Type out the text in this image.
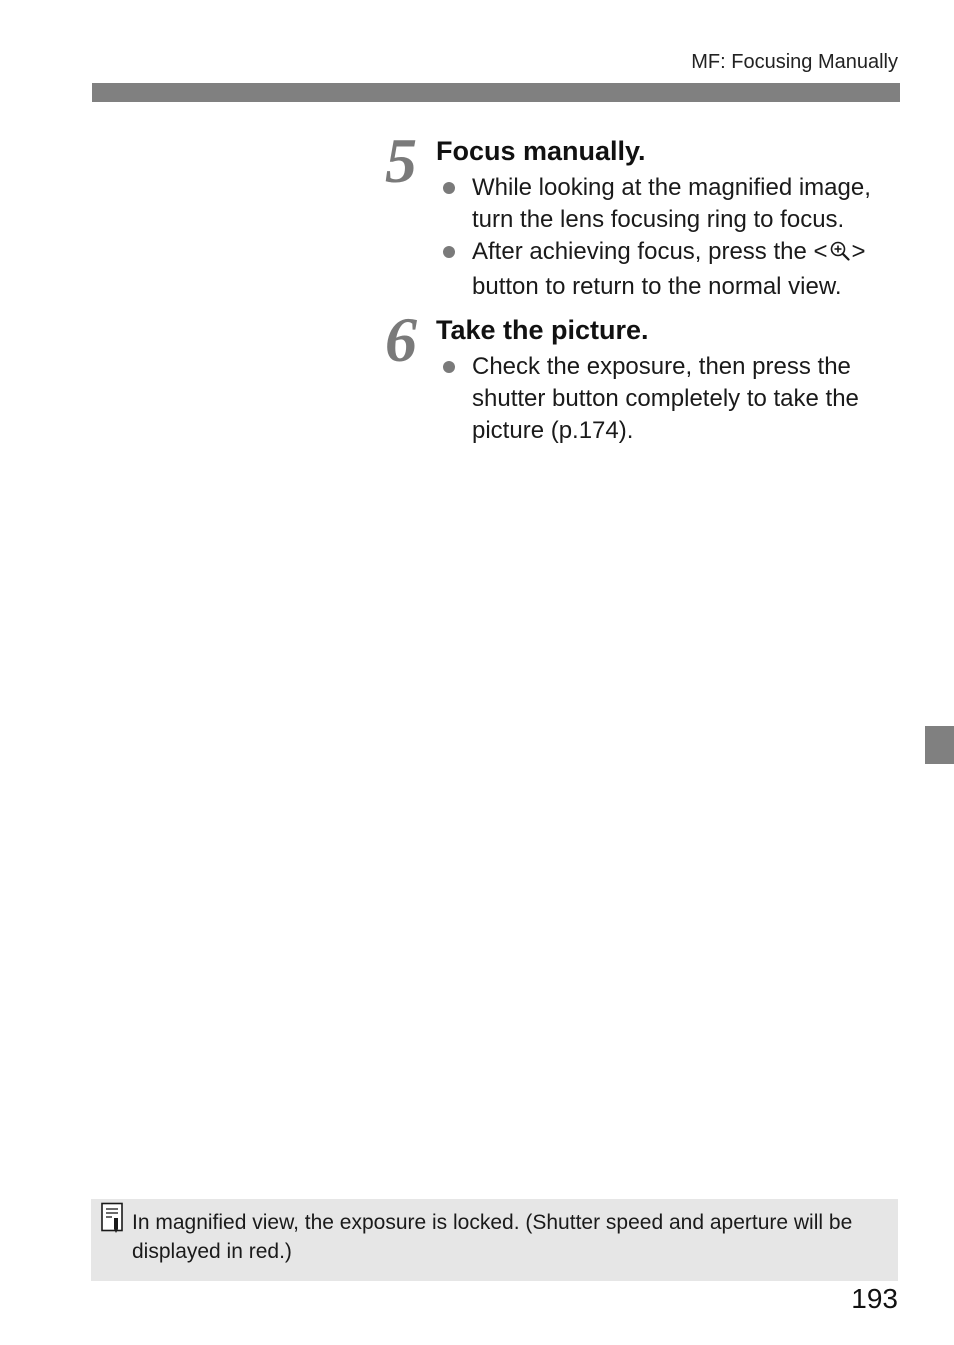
MF: Focusing Manually
5 Focus manually.
While looking at the magnified image, turn the lens focusing ring to focus.
After achieving focus, press the < > button to return to the normal view.
6 Take the picture.
Check the exposure, then press the shutter button completely to take the picture (p.174).
In magnified view, the exposure is locked. (Shutter speed and aperture will be displayed in red.)
193
